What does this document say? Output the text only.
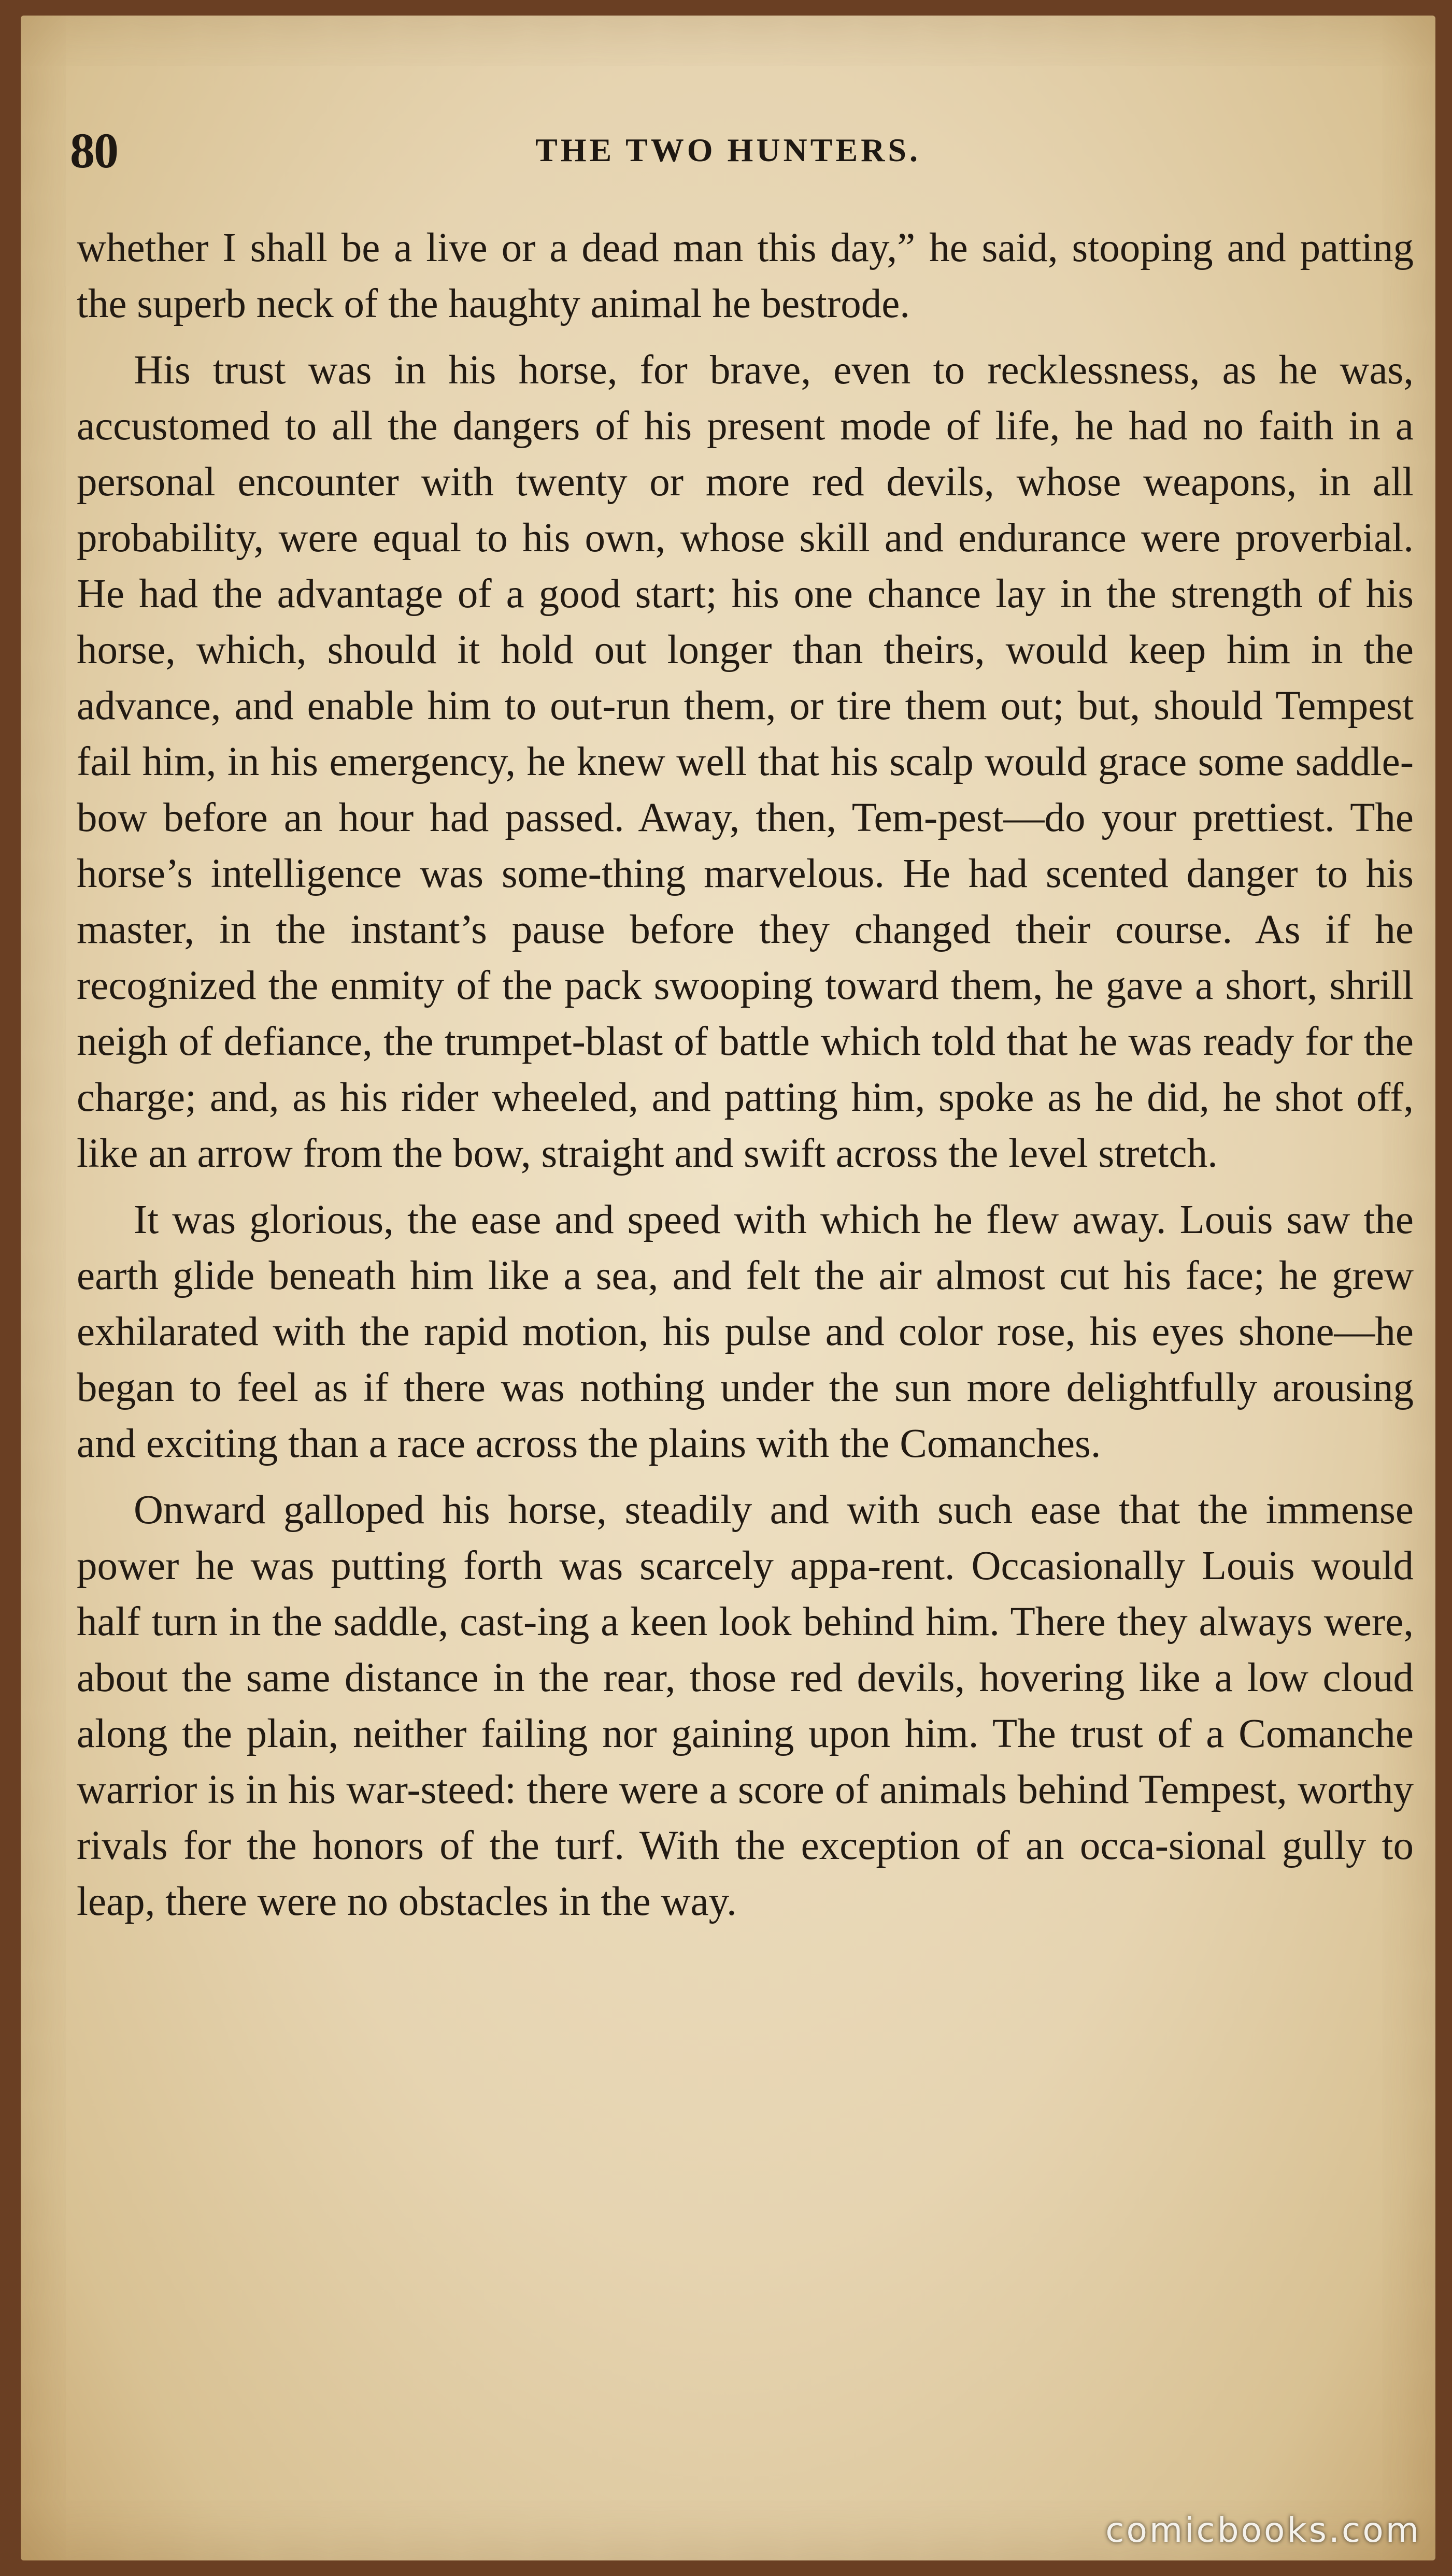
80	THE TWO HUNTERS.

whether I shall be a live or a dead man this day,” he said, stooping and patting the superb neck of the haughty animal he bestrode.

His trust was in his horse, for brave, even to recklessness, as he was, accustomed to all the dangers of his present mode of life, he had no faith in a personal encounter with twenty or more red devils, whose weapons, in all probability, were equal to his own, whose skill and endurance were proverbial. He had the advantage of a good start; his one chance lay in the strength of his horse, which, should it hold out longer than theirs, would keep him in the advance, and enable him to out-run them, or tire them out; but, should Tempest fail him, in his emergency, he knew well that his scalp would grace some saddle-bow before an hour had passed. Away, then, Tem-pest—do your prettiest. The horse’s intelligence was some-thing marvelous. He had scented danger to his master, in the instant’s pause before they changed their course. As if he recognized the enmity of the pack swooping toward them, he gave a short, shrill neigh of defiance, the trumpet-blast of battle which told that he was ready for the charge; and, as his rider wheeled, and patting him, spoke as he did, he shot off, like an arrow from the bow, straight and swift across the level stretch.

It was glorious, the ease and speed with which he flew away. Louis saw the earth glide beneath him like a sea, and felt the air almost cut his face; he grew exhilarated with the rapid motion, his pulse and color rose, his eyes shone—he began to feel as if there was nothing under the sun more delightfully arousing and exciting than a race across the plains with the Comanches.

Onward galloped his horse, steadily and with such ease that the immense power he was putting forth was scarcely appa-rent. Occasionally Louis would half turn in the saddle, cast-ing a keen look behind him. There they always were, about the same distance in the rear, those red devils, hovering like a low cloud along the plain, neither failing nor gaining upon him. The trust of a Comanche warrior is in his war-steed: there were a score of animals behind Tempest, worthy rivals for the honors of the turf. With the exception of an occa-sional gully to leap, there were no obstacles in the way.

comicbooks.com
